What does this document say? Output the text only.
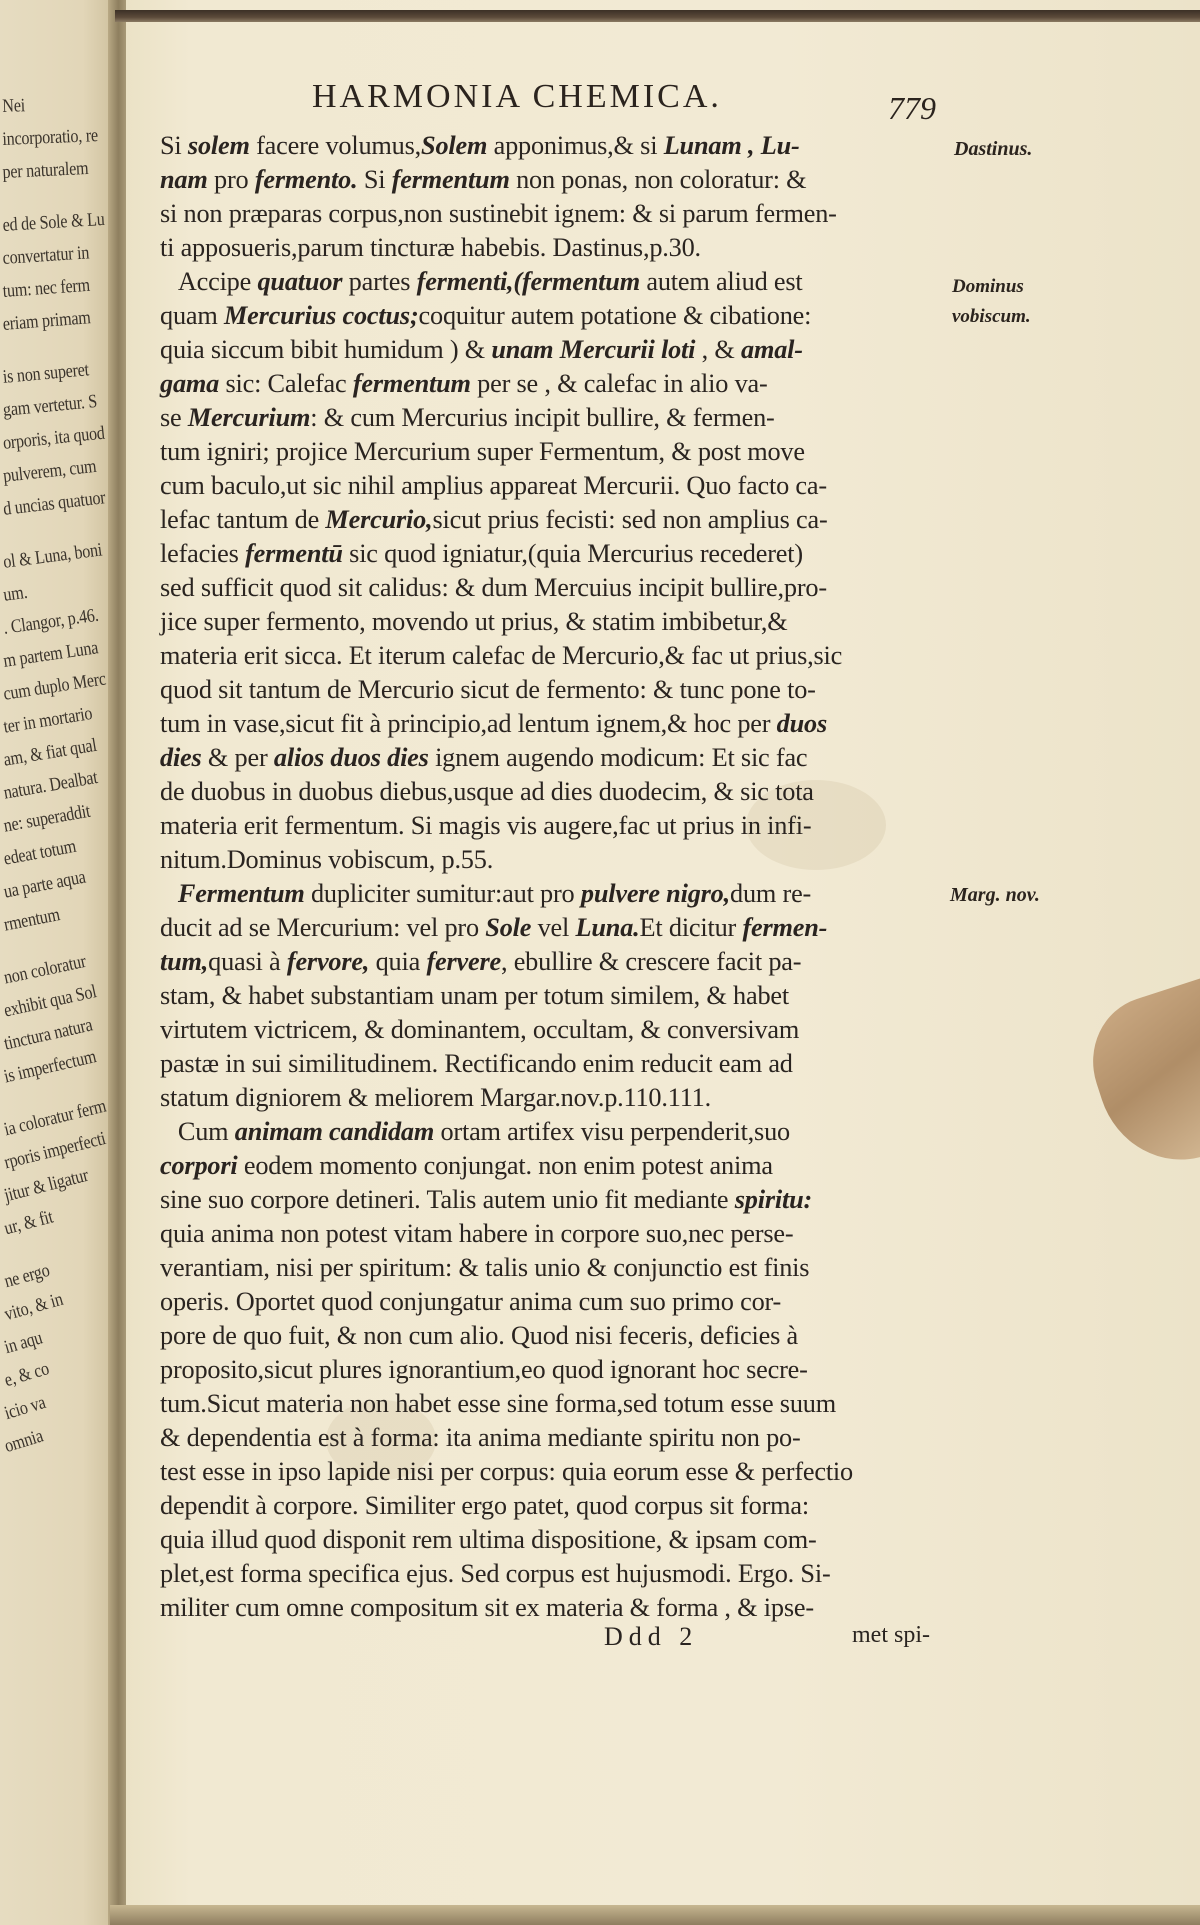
Nei
incorporatio, re
per naturalem
ed de Sole & Lu
convertatur in
tum: nec ferm
eriam primam
is non superet
gam vertetur. S
orporis, ita quod
pulverem, cum
d uncias quatuor
ol & Luna, boni
um.
. Clangor, p.46.
m partem Luna
cum duplo Merc
ter in mortario
am, & fiat qual
natura. Dealbat
ne: superaddit
edeat totum
ua parte aqua
rmentum
non coloratur
exhibit qua Sol
tinctura natura
is imperfectum
ia coloratur ferm
rporis imperfecti
jitur & ligatur
ur, & fit
ne ergo
vito, & in
in aqu
e, & co
icio va
omnia
HARMONIA CHEMICA.	779
Si solem facere volumus,Solem apponimus,& si Lunam , Lu-
nam pro fermento. Si fermentum non ponas, non coloratur: &
si non præparas corpus,non sustinebit ignem: & si parum fermen-
ti apposueris,parum tincturæ habebis. Dastinus,p.30.
Accipe quatuor partes fermenti,(fermentum autem aliud est
quam Mercurius coctus;coquitur autem potatione & cibatione:
quia siccum bibit humidum ) & unam Mercurii loti , & amal-
gama sic: Calefac fermentum per se , & calefac in alio va-
se Mercurium: & cum Mercurius incipit bullire, & fermen-
tum igniri; projice Mercurium super Fermentum, & post move
cum baculo,ut sic nihil amplius appareat Mercurii. Quo facto ca-
lefac tantum de Mercurio,sicut prius fecisti: sed non amplius ca-
lefacies fermentū sic quod igniatur,(quia Mercurius recederet)
sed sufficit quod sit calidus: & dum Mercuius incipit bullire,pro-
jice super fermento, movendo ut prius, & statim imbibetur,&
materia erit sicca. Et iterum calefac de Mercurio,& fac ut prius,sic
quod sit tantum de Mercurio sicut de fermento: & tunc pone to-
tum in vase,sicut fit à principio,ad lentum ignem,& hoc per duos
dies & per alios duos dies ignem augendo modicum: Et sic fac
de duobus in duobus diebus,usque ad dies duodecim, & sic tota
materia erit fermentum. Si magis vis augere,fac ut prius in infi-
nitum.Dominus vobiscum, p.55.
Fermentum dupliciter sumitur:aut pro pulvere nigro,dum re-
ducit ad se Mercurium: vel pro Sole vel Luna.Et dicitur fermen-
tum,quasi à fervore, quia fervere, ebullire & crescere facit pa-
stam, & habet substantiam unam per totum similem, & habet
virtutem victricem, & dominantem, occultam, & conversivam
pastæ in sui similitudinem. Rectificando enim reducit eam ad
statum digniorem & meliorem Margar.nov.p.110.111.
Cum animam candidam ortam artifex visu perpenderit,suo
corpori eodem momento conjungat. non enim potest anima
sine suo corpore detineri. Talis autem unio fit mediante spiritu:
quia anima non potest vitam habere in corpore suo,nec perse-
verantiam, nisi per spiritum: & talis unio & conjunctio est finis
operis. Oportet quod conjungatur anima cum suo primo cor-
pore de quo fuit, & non cum alio. Quod nisi feceris, deficies à
proposito,sicut plures ignorantium,eo quod ignorant hoc secre-
tum.Sicut materia non habet esse sine forma,sed totum esse suum
& dependentia est à forma: ita anima mediante spiritu non po-
test esse in ipso lapide nisi per corpus: quia eorum esse & perfectio
dependit à corpore. Similiter ergo patet, quod corpus sit forma:
quia illud quod disponit rem ultima dispositione, & ipsam com-
plet,est forma specifica ejus. Sed corpus est hujusmodi. Ergo. Si-
militer cum omne compositum sit ex materia & forma , & ipse-
Dastinus.
Dominus vobiscum.
Marg. nov.
Ddd 2	met spi-
